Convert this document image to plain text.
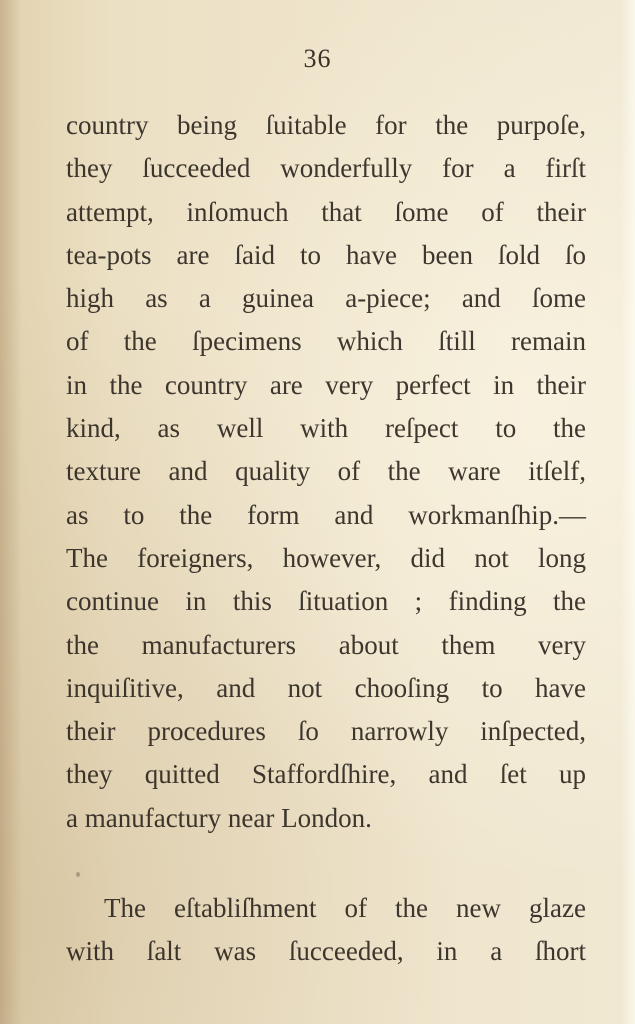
36
country being ſuitable for the purpoſe,
they ſucceeded wonderfully for a firſt
attempt, inſomuch that ſome of their
tea-pots are ſaid to have been ſold ſo
high as a guinea a-piece; and ſome
of the ſpecimens which ſtill remain
in the country are very perfect in their
kind, as well with reſpect to the
texture and quality of the ware itſelf,
as to the form and workmanſhip.—
The foreigners, however, did not long
continue in this ſituation ; finding the
the manufacturers about them very
inquiſitive, and not chooſing to have
their procedures ſo narrowly inſpected,
they quitted Staffordſhire, and ſet up
a manufactury near London.
The eſtabliſhment of the new glaze
with ſalt was ſucceeded, in a ſhort
